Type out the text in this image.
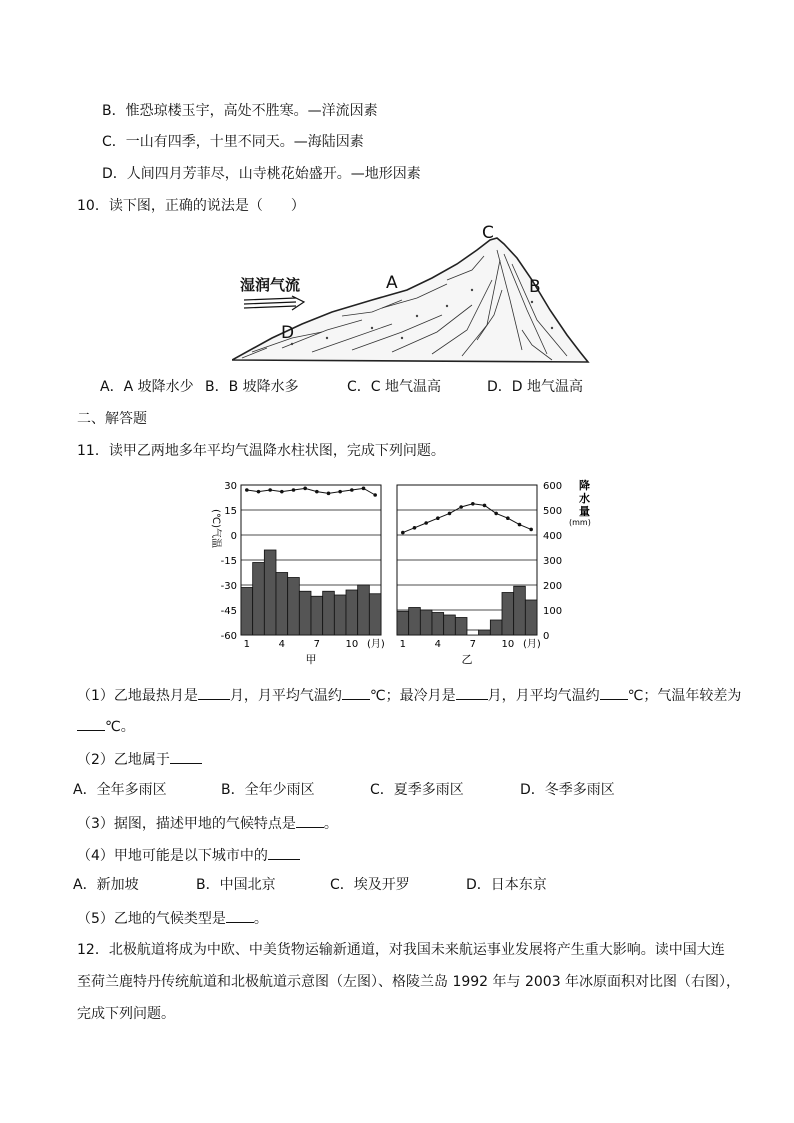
B．惟恐琼楼玉宇，高处不胜寒。—洋流因素
C．一山有四季，十里不同天。—海陆因素
D．人间四月芳菲尽，山寺桃花始盛开。—地形因素
10．读下图，正确的说法是（　　）
湿润气流	A	B
C
D
A．A 坡降水少 B．B 坡降水多	C．C 地气温高	D．D 地气温高
二、解答题
11．读甲乙两地多年平均气温降水柱状图，完成下列问题。
30
15
0
-15
-30
-45
-60
(℃)气温
600
500
400
300
200
100
0
降
水
量
(mm)
1	4	7	10 (月)
甲
1	4	7	10 (月)
乙
（1）乙地最热月是 月，月平均气温约 ℃；最冷月是 月，月平均气温约 ℃；气温年较差为
℃。
（2）乙地属于
A．全年多雨区	B．全年少雨区	C．夏季多雨区	D．冬季多雨区
（3）据图，描述甲地的气候特点是 。
（4）甲地可能是以下城市中的
A．新加坡	B．中国北京	C．埃及开罗	D．日本东京
（5）乙地的气候类型是 。
12．北极航道将成为中欧、中美货物运输新通道，对我国未来航运事业发展将产生重大影响。读中国大连
至荷兰鹿特丹传统航道和北极航道示意图（左图）、格陵兰岛 1992 年与 2003 年冰原面积对比图（右图），
完成下列问题。
